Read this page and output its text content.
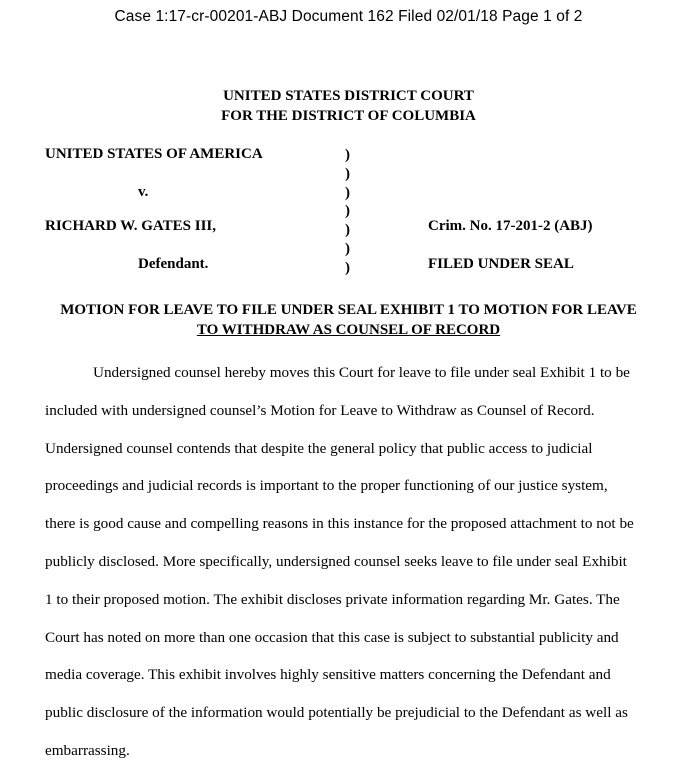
Case 1:17-cr-00201-ABJ Document 162 Filed 02/01/18 Page 1 of 2
UNITED STATES DISTRICT COURT
FOR THE DISTRICT OF COLUMBIA
UNITED STATES OF AMERICA
v.
RICHARD W. GATES III,
Defendant.
Crim. No. 17-201-2 (ABJ)
FILED UNDER SEAL
)
)
)
)
)
)
)
MOTION FOR LEAVE TO FILE UNDER SEAL EXHIBIT 1 TO MOTION FOR LEAVE
TO WITHDRAW AS COUNSEL OF RECORD
Undersigned counsel hereby moves this Court for leave to file under seal Exhibit 1 to be
included with undersigned counsel’s Motion for Leave to Withdraw as Counsel of Record.
Undersigned counsel contends that despite the general policy that public access to judicial
proceedings and judicial records is important to the proper functioning of our justice system,
there is good cause and compelling reasons in this instance for the proposed attachment to not be
publicly disclosed. More specifically, undersigned counsel seeks leave to file under seal Exhibit
1 to their proposed motion. The exhibit discloses private information regarding Mr. Gates. The
Court has noted on more than one occasion that this case is subject to substantial publicity and
media coverage. This exhibit involves highly sensitive matters concerning the Defendant and
public disclosure of the information would potentially be prejudicial to the Defendant as well as
embarrassing.
